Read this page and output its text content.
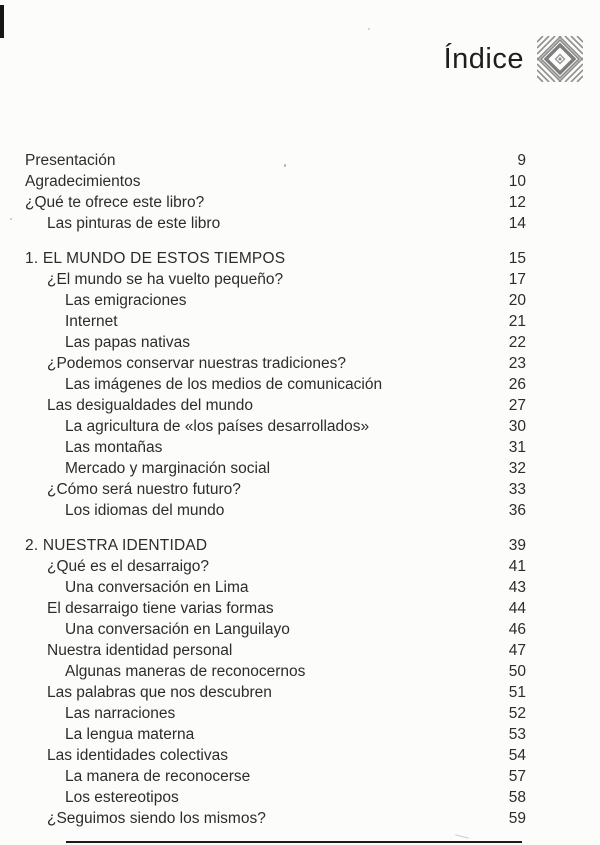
Índice
Presentación	9
Agradecimientos	10
¿Qué te ofrece este libro?	12
Las pinturas de este libro	14
1. EL MUNDO DE ESTOS TIEMPOS	15
¿El mundo se ha vuelto pequeño?	17
Las emigraciones	20
Internet	21
Las papas nativas	22
¿Podemos conservar nuestras tradiciones?	23
Las imágenes de los medios de comunicación	26
Las desigualdades del mundo	27
La agricultura de «los países desarrollados»	30
Las montañas	31
Mercado y marginación social	32
¿Cómo será nuestro futuro?	33
Los idiomas del mundo	36
2. NUESTRA IDENTIDAD	39
¿Qué es el desarraigo?	41
Una conversación en Lima	43
El desarraigo tiene varias formas	44
Una conversación en Languilayo	46
Nuestra identidad personal	47
Algunas maneras de reconocernos	50
Las palabras que nos descubren	51
Las narraciones	52
La lengua materna	53
Las identidades colectivas	54
La manera de reconocerse	57
Los estereotipos	58
¿Seguimos siendo los mismos?	59
